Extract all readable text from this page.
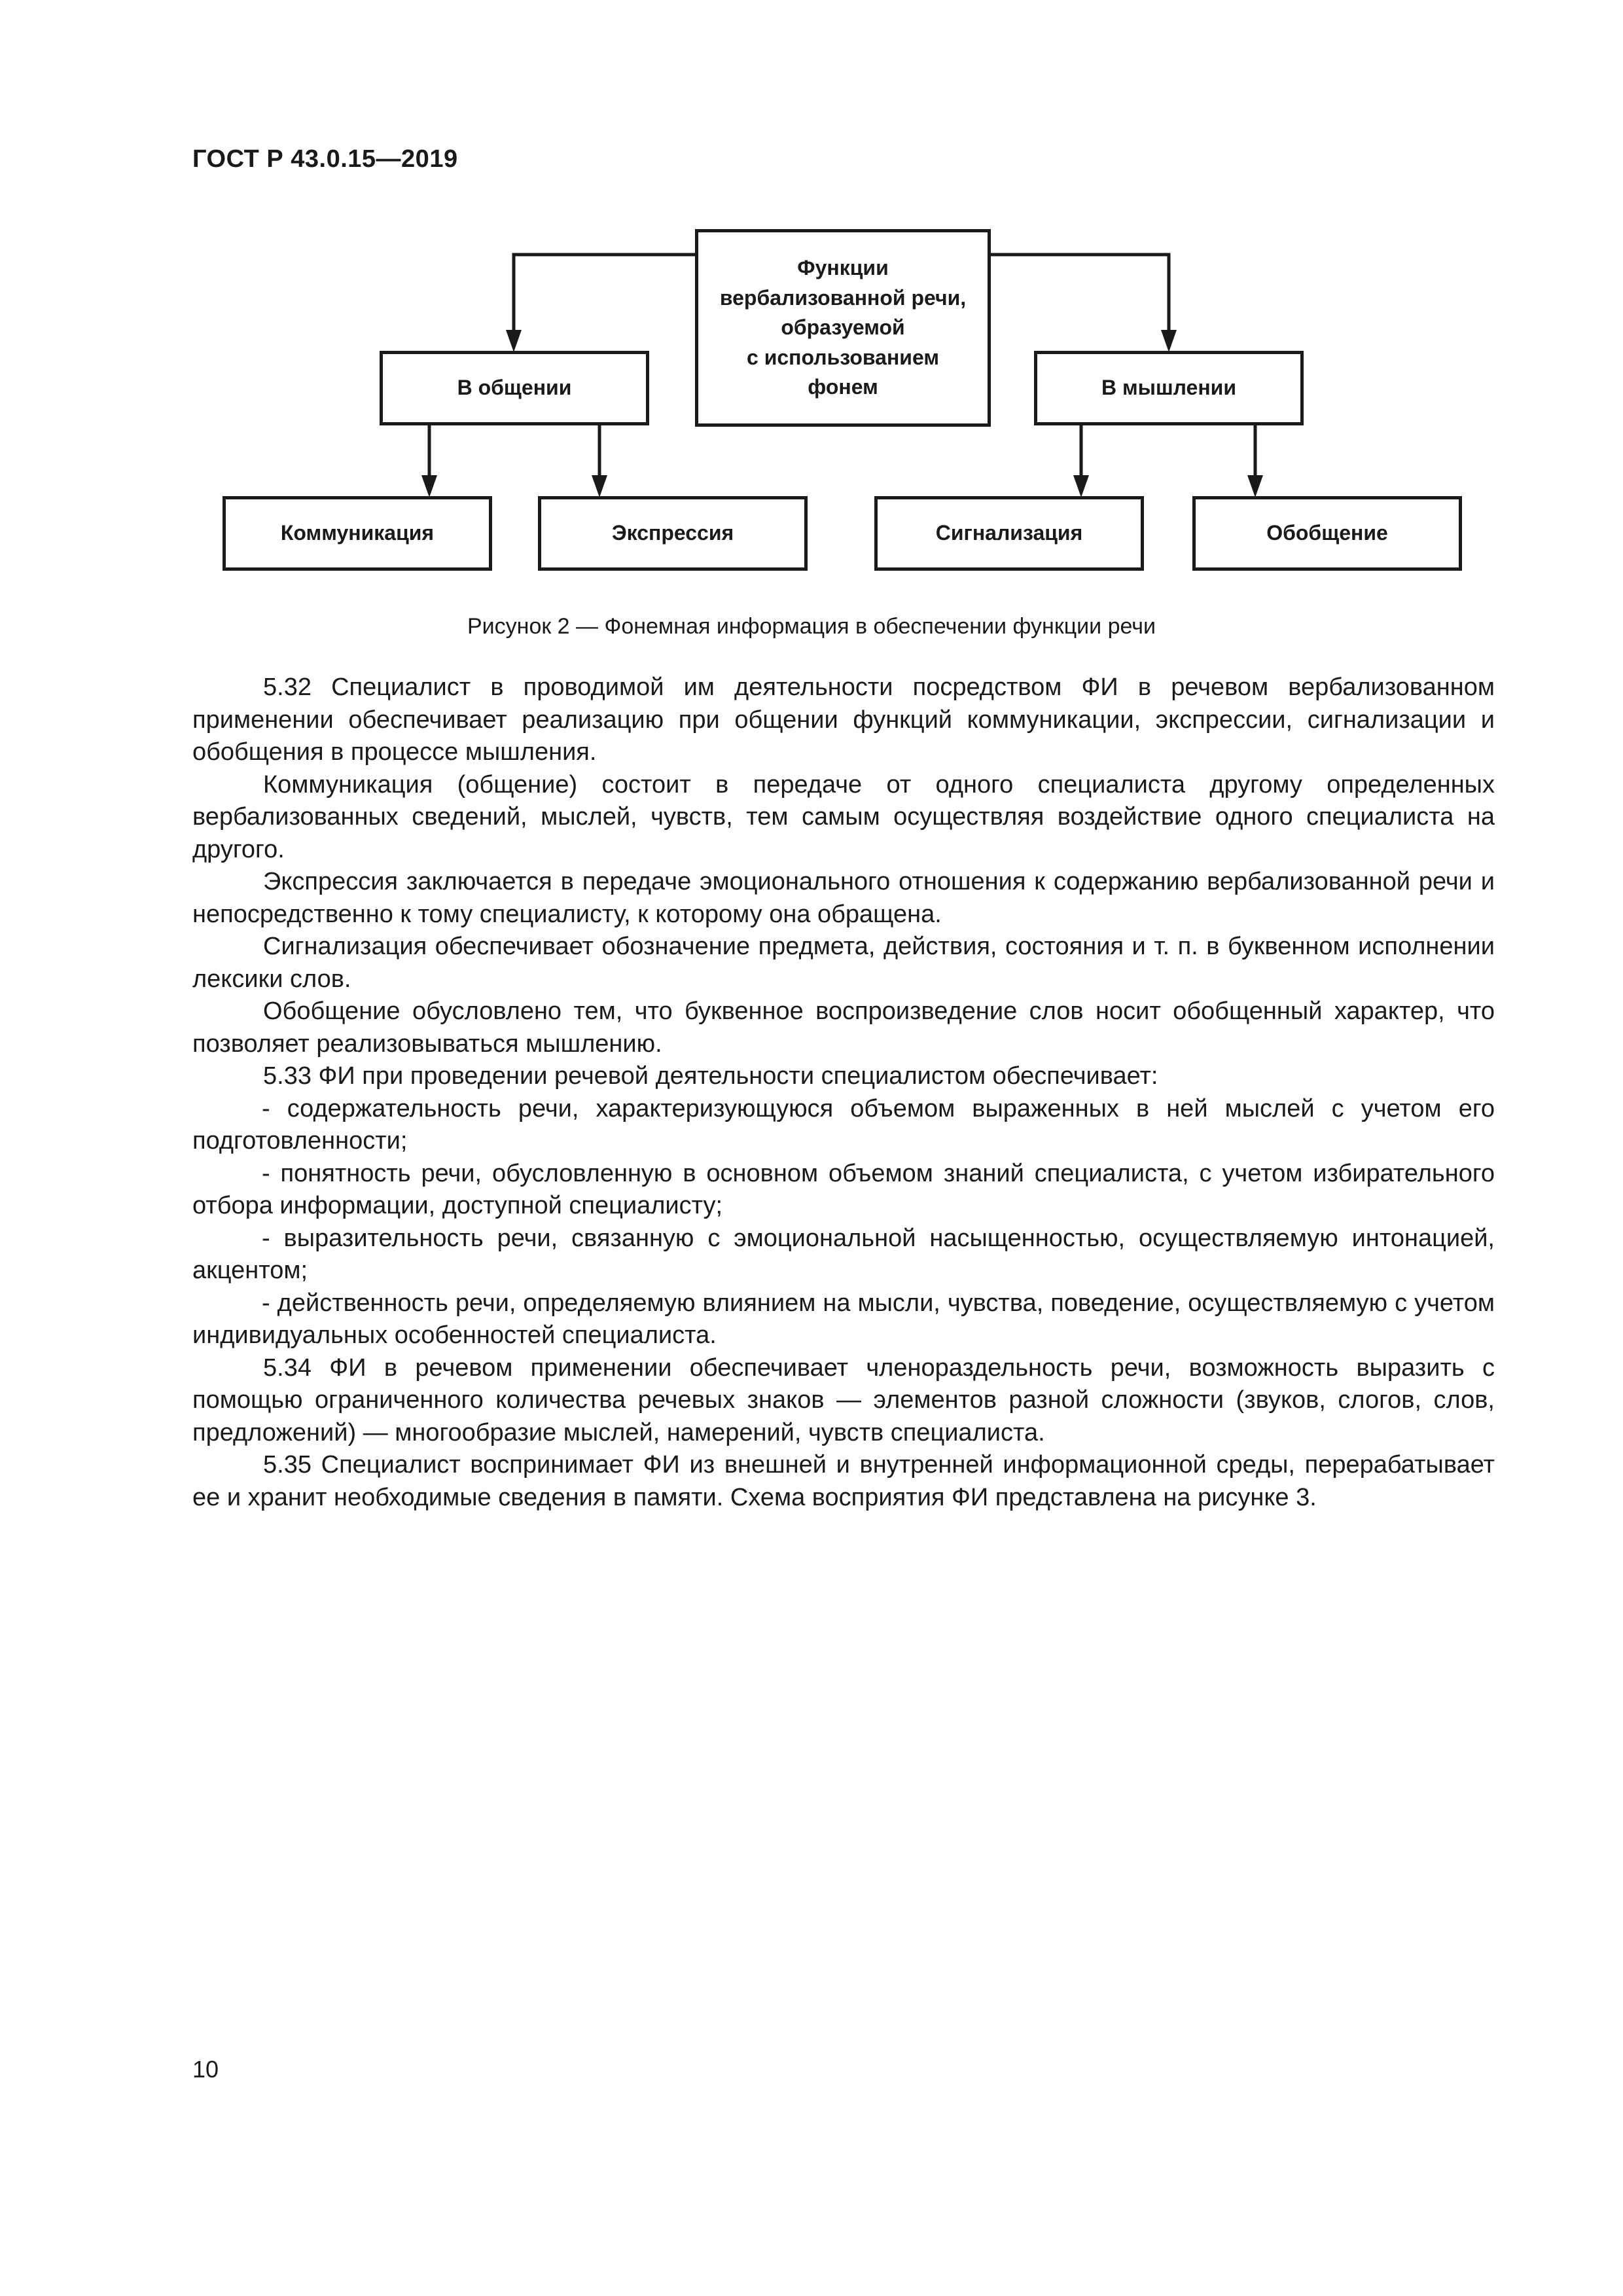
ГОСТ Р 43.0.15—2019
Функции
вербализованной речи,
образуемой
с использованием
фонем
В общении	В мышлении
Коммуникация	Экспрессия	Сигнализация	Обобщение
Рисунок 2 — Фонемная информация в обеспечении функции речи

5.32 Специалист в проводимой им деятельности посредством ФИ в речевом вербализованном применении обеспечивает реализацию при общении функций коммуникации, экспрессии, сигнализации и обобщения в процессе мышления.

Коммуникация (общение) состоит в передаче от одного специалиста другому определенных вербализованных сведений, мыслей, чувств, тем самым осуществляя воздействие одного специалиста на другого.

Экспрессия заключается в передаче эмоционального отношения к содержанию вербализованной речи и непосредственно к тому специалисту, к которому она обращена.

Сигнализация обеспечивает обозначение предмета, действия, состояния и т. п. в буквенном исполнении лексики слов.

Обобщение обусловлено тем, что буквенное воспроизведение слов носит обобщенный характер, что позволяет реализовываться мышлению.

5.33 ФИ при проведении речевой деятельности специалистом обеспечивает:

- содержательность речи, характеризующуюся объемом выраженных в ней мыслей с учетом его подготовленности;

- понятность речи, обусловленную в основном объемом знаний специалиста, с учетом избирательного отбора информации, доступной специалисту;

- выразительность речи, связанную с эмоциональной насыщенностью, осуществляемую интонацией, акцентом;

- действенность речи, определяемую влиянием на мысли, чувства, поведение, осуществляемую с учетом индивидуальных особенностей специалиста.

5.34 ФИ в речевом применении обеспечивает членораздельность речи, возможность выразить с помощью ограниченного количества речевых знаков — элементов разной сложности (звуков, слогов, слов, предложений) — многообразие мыслей, намерений, чувств специалиста.

5.35 Специалист воспринимает ФИ из внешней и внутренней информационной среды, перерабатывает ее и хранит необходимые сведения в памяти. Схема восприятия ФИ представлена на рисунке 3.

10
